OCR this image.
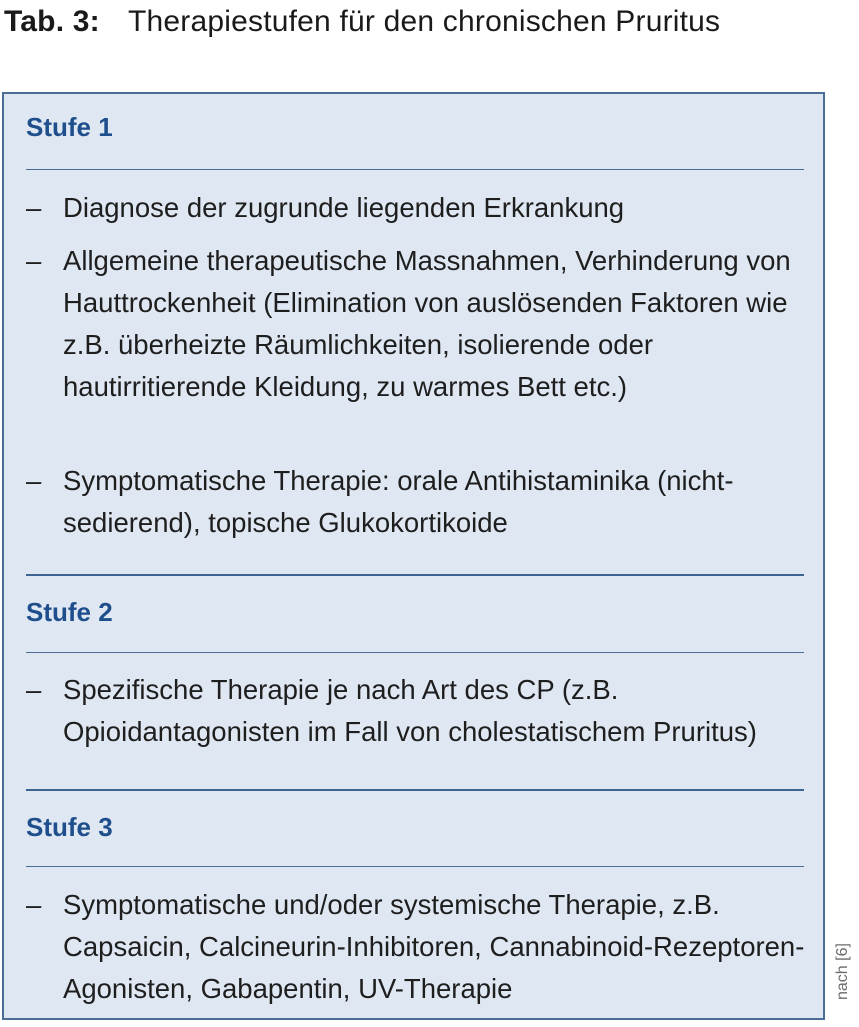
Tab. 3: Therapiestufen für den chronischen Pruritus
Stufe 1
– Diagnose der zugrunde liegenden Erkrankung
– Allgemeine therapeutische Massnahmen, Verhinderung von Hauttrockenheit (Elimination von auslösenden Faktoren wie z.B. überheizte Räumlichkeiten, isolierende oder hautirritierende Kleidung, zu warmes Bett etc.)
– Symptomatische Therapie: orale Antihistaminika (nicht-sedierend), topische Glukokortikoide
Stufe 2
– Spezifische Therapie je nach Art des CP (z.B. Opioidantagonisten im Fall von cholestatischem Pruritus)
Stufe 3
– Symptomatische und/oder systemische Therapie, z.B. Capsaicin, Calcineurin-Inhibitoren, Cannabinoid-Rezeptoren-Agonisten, Gabapentin, UV-Therapie	nach [6]
